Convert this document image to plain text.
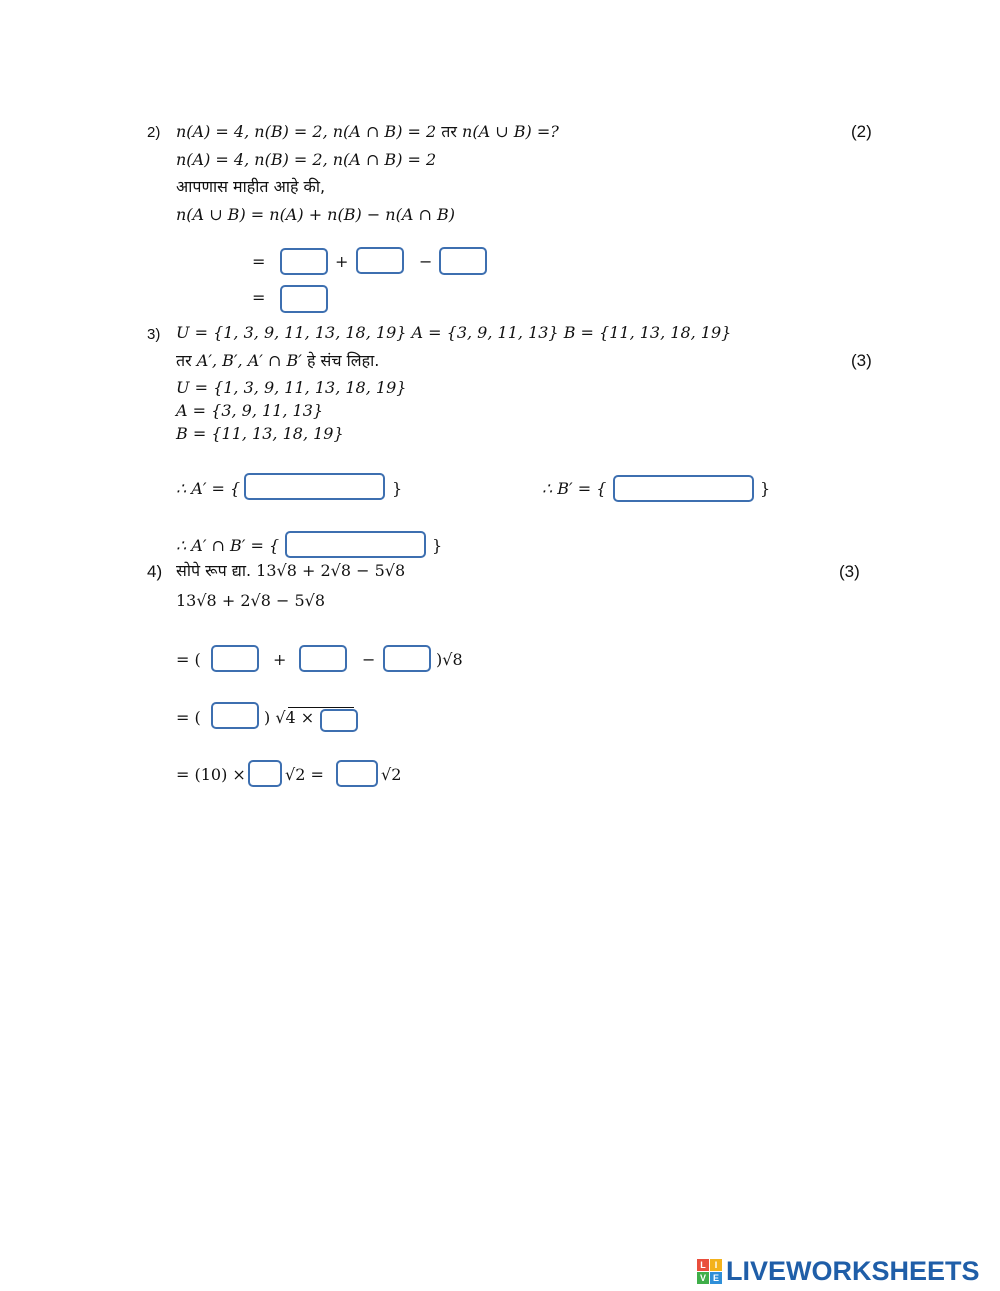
2) n(A) = 4, n(B) = 2, n(A ∩ B) = 2 तर n(A ∪ B) =?	(2)
n(A) = 4, n(B) = 2, n(A ∩ B) = 2
आपणास माहीत आहे की,
n(A ∪ B) = n(A) + n(B) − n(A ∩ B)
=	+	−
=
3) U = {1, 3, 9, 11, 13, 18, 19} A = {3, 9, 11, 13} B = {11, 13, 18, 19}
तर A′, B′, A′ ∩ B′ हे संच लिहा.	(3)
U = {1, 3, 9, 11, 13, 18, 19}
A = {3, 9, 11, 13}
B = {11, 13, 18, 19}
∴ A′ = {	}	∴ B′ = {	}
∴ A′ ∩ B′ = {	}
4) सोपे रूप द्या. 13√8 + 2√8 − 5√8	(3)
13√8 + 2√8 − 5√8
= (	+	−	)√8
= (	) √4 ×
= (10) × √2 =	√2
L I
V E LIVEWORKSHEETS
